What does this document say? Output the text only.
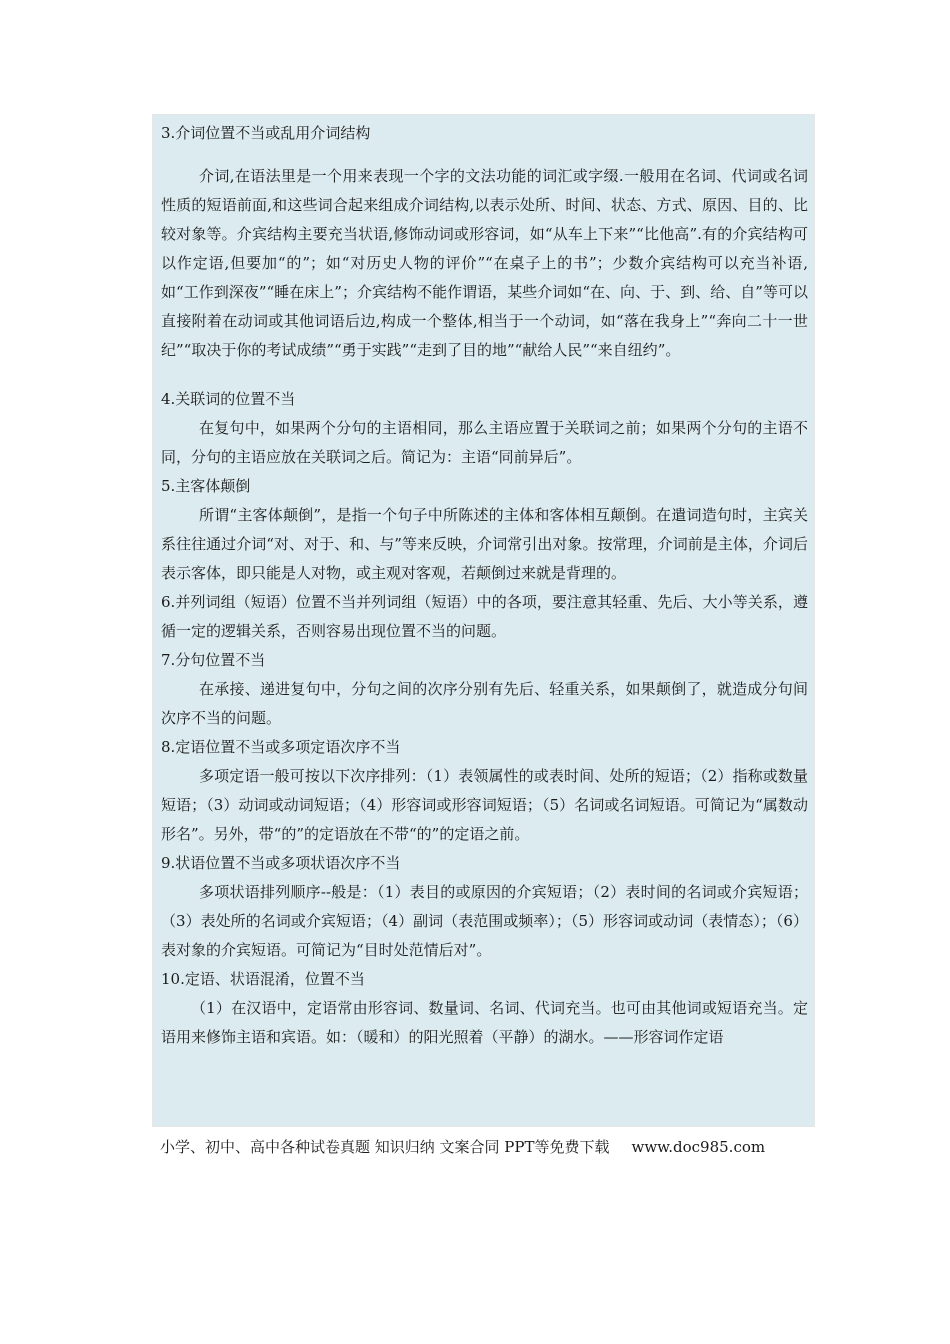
3.介词位置不当或乱用介词结构

介词,在语法里是一个用来表现一个字的文法功能的词汇或字缀.一般用在名词、代词或名词性质的短语前面,和这些词合起来组成介词结构,以表示处所、时间、状态、方式、原因、目的、比较对象等。介宾结构主要充当状语,修饰动词或形容词，如“从车上下来”“比他高”.有的介宾结构可以作定语,但要加“的”；如“对历史人物的评价”“在桌子上的书”；少数介宾结构可以充当补语,如“工作到深夜”“睡在床上”；介宾结构不能作谓语，某些介词如“在、向、于、到、给、自”等可以直接附着在动词或其他词语后边,构成一个整体,相当于一个动词，如“落在我身上”“奔向二十一世纪”“取决于你的考试成绩”“勇于实践”“走到了目的地”“献给人民”“来自纽约”。

4.关联词的位置不当

在复句中，如果两个分句的主语相同，那么主语应置于关联词之前；如果两个分句的主语不同，分句的主语应放在关联词之后。简记为：主语“同前异后”。

5.主客体颠倒

所谓“主客体颠倒”，是指一个句子中所陈述的主体和客体相互颠倒。在遣词造句时，主宾关系往往通过介词“对、对于、和、与”等来反映，介词常引出对象。按常理，介词前是主体，介词后表示客体，即只能是人对物，或主观对客观，若颠倒过来就是背理的。

6.并列词组（短语）位置不当并列词组（短语）中的各项，要注意其轻重、先后、大小等关系，遵循一定的逻辑关系，否则容易出现位置不当的问题。

7.分句位置不当

在承接、递进复句中，分句之间的次序分别有先后、轻重关系，如果颠倒了，就造成分句间次序不当的问题。

8.定语位置不当或多项定语次序不当

多项定语一般可按以下次序排列：（1）表领属性的或表时间、处所的短语；（2）指称或数量短语；（3）动词或动词短语；（4）形容词或形容词短语；（5）名词或名词短语。可简记为“属数动形名”。另外，带“的”的定语放在不带“的”的定语之前。

9.状语位置不当或多项状语次序不当

多项状语排列顺序--般是：（1）表目的或原因的介宾短语；（2）表时间的名词或介宾短语；（3）表处所的名词或介宾短语；（4）副词（表范围或频率）；（5）形容词或动词（表情态）；（6）表对象的介宾短语。可简记为“目时处范情后对”。

10.定语、状语混淆，位置不当

（1）在汉语中，定语常由形容词、数量词、名词、代词充当。也可由其他词或短语充当。定语用来修饰主语和宾语。如：（暖和）的阳光照着（平静）的湖水。——形容词作定语

小学、初中、高中各种试卷真题 知识归纳 文案合同 PPT等免费下载 www.doc985.com
